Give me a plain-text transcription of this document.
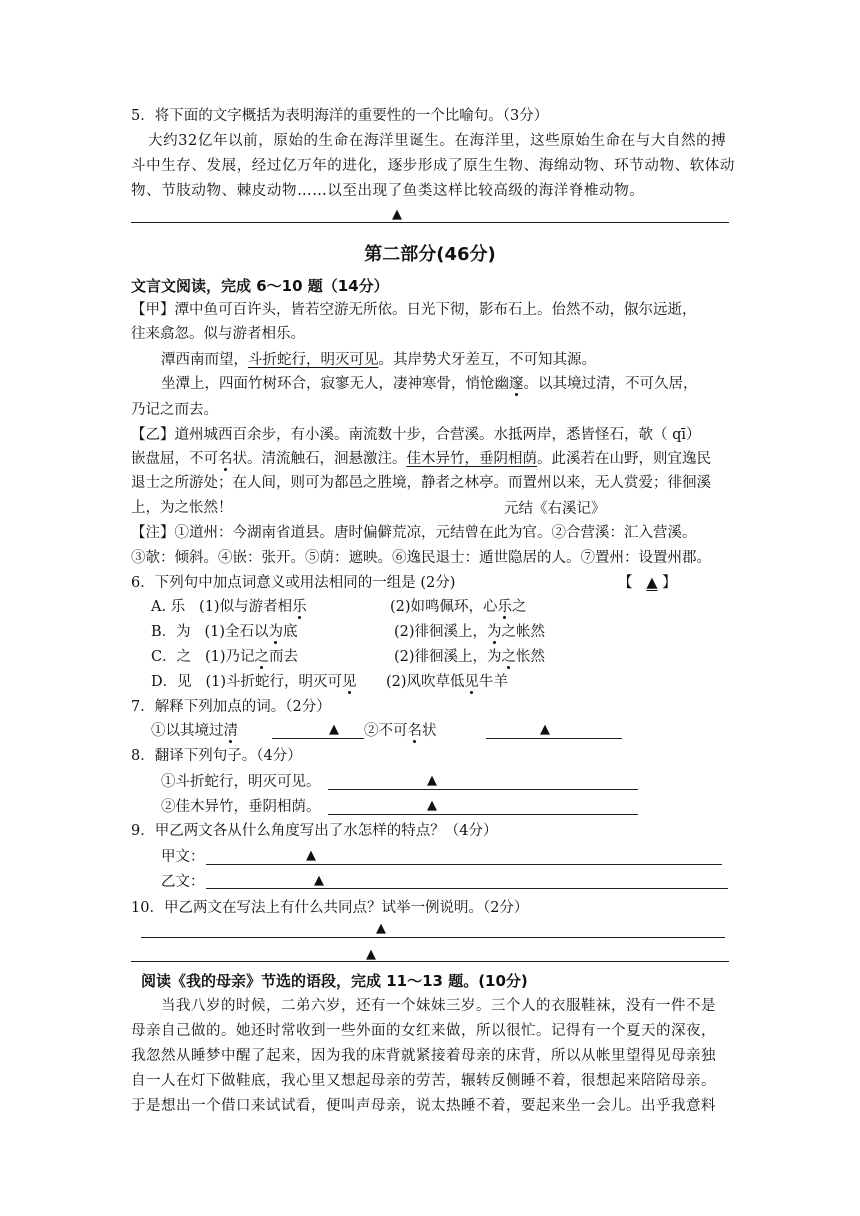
5．将下面的文字概括为表明海洋的重要性的一个比喻句。（3分）
大约32亿年以前，原始的生命在海洋里诞生。在海洋里，这些原始生命在与大自然的搏
斗中生存、发展，经过亿万年的进化，逐步形成了原生生物、海绵动物、环节动物、软体动
物、节肢动物、棘皮动物……以至出现了鱼类这样比较高级的海洋脊椎动物。
▲
第二部分(46分)
文言文阅读，完成 6～10 题（14分）
【甲】潭中鱼可百许头，皆若空游无所依。日光下彻，影布石上。佁然不动，俶尔远逝，
往来翕忽。似与游者相乐。
潭西南而望，斗折蛇行，明灭可见。其岸势犬牙差互，不可知其源。
坐潭上，四面竹树环合，寂寥无人，凄神寒骨，悄怆幽邃。以其境过清，不可久居，
乃记之而去。
【乙】道州城西百余步，有小溪。南流数十步，合营溪。水抵两岸，悉皆怪石，欹（ qī）
嵌盘屈，不可名状。清流触石，洄悬激注。佳木异竹，垂阴相荫。此溪若在山野，则宜逸民
退士之所游处；在人间，则可为都邑之胜境，静者之林亭。而置州以来，无人赏爱；徘徊溪
上，为之怅然！	元结《右溪记》
【注】①道州：今湖南省道县。唐时偏僻荒凉，元结曾在此为官。②合营溪：汇入营溪。
③欹：倾斜。④嵌：张开。⑤荫：遮映。⑥逸民退士：遁世隐居的人。⑦置州：设置州郡。
6．下列句中加点词意义或用法相同的一组是 (2分)	【 ▲ 】
A. 乐 (1)似与游者相乐	(2)如鸣佩环，心乐之
B．为 (1)全石以为底	(2)徘徊溪上，为之帐然
C．之 (1)乃记之而去	(2)徘徊溪上，为之怅然
D．见 (1)斗折蛇行，明灭可见 (2)风吹草低见牛羊
7．解释下列加点的词。（2分）
①以其境过清	▲ ②不可名状	▲
8．翻译下列句子。（4分）
①斗折蛇行，明灭可见。	▲
②佳木异竹，垂阴相荫。	▲
9．甲乙两文各从什么角度写出了水怎样的特点？（4分）
甲文：	▲
乙文：	▲
10．甲乙两文在写法上有什么共同点？试举一例说明。（2分）
▲
▲
阅读《我的母亲》节选的语段，完成 11～13 题。(10分)
当我八岁的时候，二弟六岁，还有一个妹妹三岁。三个人的衣服鞋袜，没有一件不是
母亲自己做的。她还时常收到一些外面的女红来做，所以很忙。记得有一个夏天的深夜，
我忽然从睡梦中醒了起来，因为我的床背就紧接着母亲的床背，所以从帐里望得见母亲独
自一人在灯下做鞋底，我心里又想起母亲的劳苦，辗转反侧睡不着，很想起来陪陪母亲。
于是想出一个借口来试试看，便叫声母亲，说太热睡不着，要起来坐一会儿。出乎我意料
